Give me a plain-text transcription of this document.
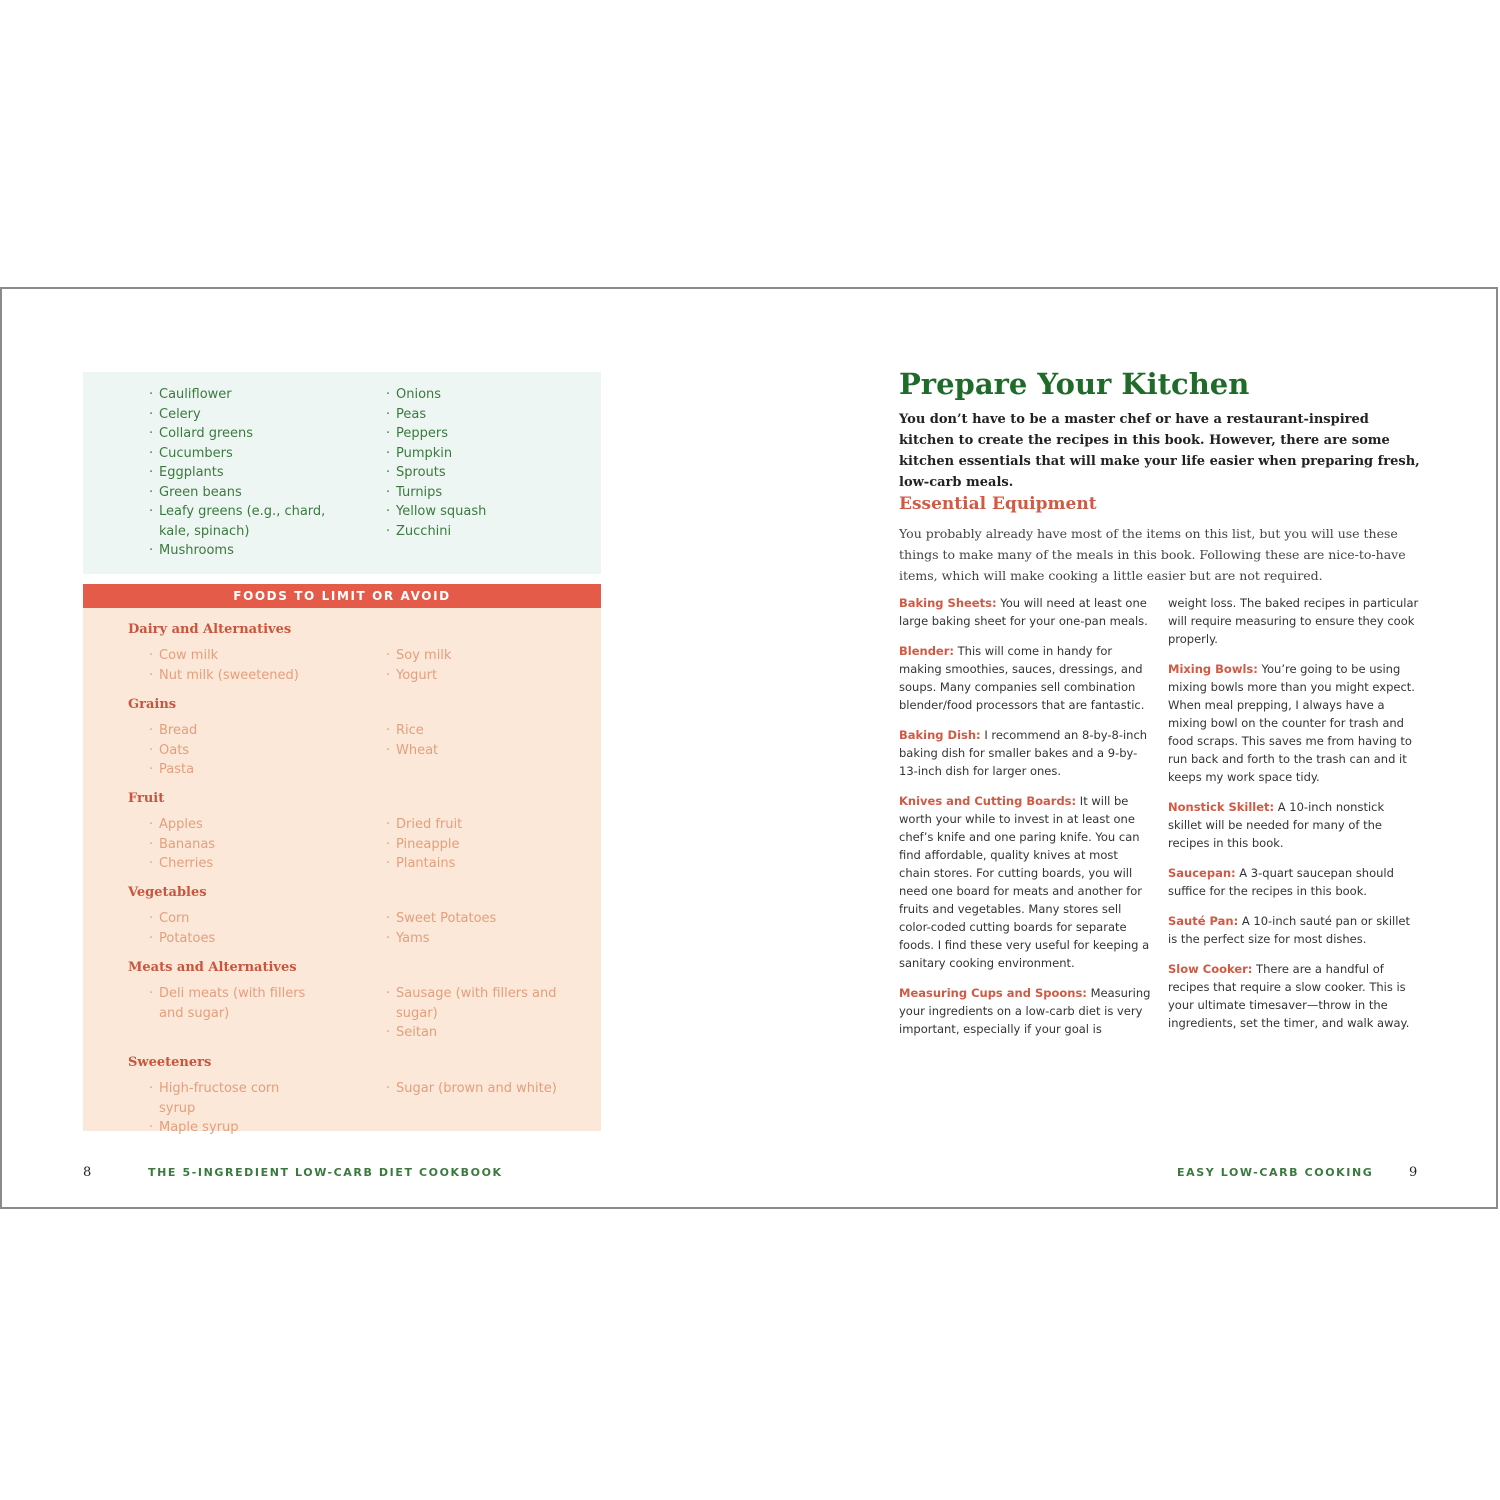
· Cauliflower
· Celery
· Collard greens
· Cucumbers
· Eggplants
· Green beans
· Leafy greens (e.g., chard, kale, spinach)
· Mushrooms
· Onions
· Peas
· Peppers
· Pumpkin
· Sprouts
· Turnips
· Yellow squash
· Zucchini
FOODS TO LIMIT OR AVOID
Dairy and Alternatives
· Cow milk
· Nut milk (sweetened)
· Soy milk
· Yogurt
Grains
· Bread
· Oats
· Pasta
· Rice
· Wheat
Fruit
· Apples
· Bananas
· Cherries
· Dried fruit
· Pineapple
· Plantains
Vegetables
· Corn
· Potatoes
· Sweet Potatoes
· Yams
Meats and Alternatives
· Deli meats (with fillers and sugar)
· Sausage (with fillers and sugar)
· Seitan
Sweeteners
· High-fructose corn syrup
· Maple syrup
· Sugar (brown and white)
8	THE 5-INGREDIENT LOW-CARB DIET COOKBOOK
Prepare Your Kitchen

You don’t have to be a master chef or have a restaurant-inspired kitchen to create the recipes in this book. However, there are some kitchen essentials that will make your life easier when preparing fresh, low-carb meals.

Essential Equipment

You probably already have most of the items on this list, but you will use these things to make many of the meals in this book. Following these are nice-to-have items, which will make cooking a little easier but are not required.

Baking Sheets: You will need at least one large baking sheet for your one-pan meals.

Blender: This will come in handy for making smoothies, sauces, dressings, and soups. Many companies sell combination blender/food processors that are fantastic.

Baking Dish: I recommend an 8-by-8-inch baking dish for smaller bakes and a 9-by-13-inch dish for larger ones.

Knives and Cutting Boards: It will be worth your while to invest in at least one chef’s knife and one paring knife. You can find affordable, quality knives at most chain stores. For cutting boards, you will need one board for meats and another for fruits and vegetables. Many stores sell color-coded cutting boards for separate foods. I find these very useful for keeping a sanitary cooking environment.

Measuring Cups and Spoons: Measuring your ingredients on a low-carb diet is very important, especially if your goal is

weight loss. The baked recipes in particular will require measuring to ensure they cook properly.

Mixing Bowls: You’re going to be using mixing bowls more than you might expect. When meal prepping, I always have a mixing bowl on the counter for trash and food scraps. This saves me from having to run back and forth to the trash can and it keeps my work space tidy.

Nonstick Skillet: A 10-inch nonstick skillet will be needed for many of the recipes in this book.

Saucepan: A 3-quart saucepan should suffice for the recipes in this book.

Sauté Pan: A 10-inch sauté pan or skillet is the perfect size for most dishes.

Slow Cooker: There are a handful of recipes that require a slow cooker. This is your ultimate timesaver—throw in the ingredients, set the timer, and walk away.

EASY LOW-CARB COOKING	9
